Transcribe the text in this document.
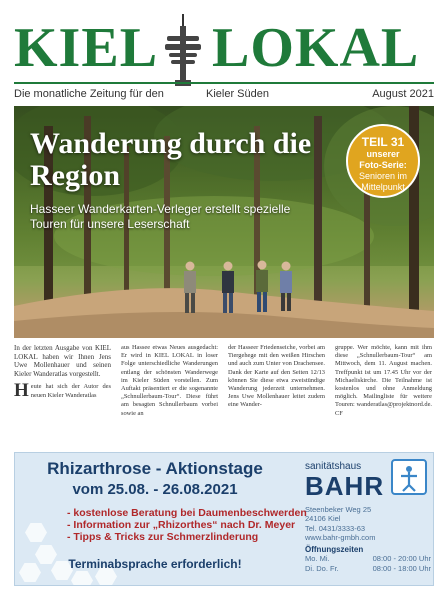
KIEL LOKAL
Die monatliche Zeitung für den	Kieler Süden	August 2021
Wanderung durch die Region
Hasseer Wanderkarten-Verleger erstellt spezielle Touren für unsere Leserschaft
TEIL 31
unserer
Foto-Serie:
Senioren im
Mittelpunkt
In der letzten Ausgabe von KIEL LOKAL haben wir Ihnen Jens Uwe Mollenhauer und seinen Kieler Wanderatlas vorgestellt.
Heute hat sich der Autor des neuen Kieler Wanderatlas
aus Hassee etwas Neues ausgedacht: Er wird in KIEL LOKAL in loser Folge unterschiedliche Wanderungen entlang der schönsten Wanderwege im Kieler Süden vorstellen. Zum Auftakt präsentiert er die sogenannte „Schnullerbaum-Tour“. Diese führt am besagten Schnullerbaum vorbei sowie an
der Hasseer Friedenseiche, vorbei am Tiergehege mit den weißen Hirschen und auch zum Unter von Drachensee. Dank der Karte auf den Seiten 12/13 können Sie diese etwa zweistündige Wanderung jederzeit unternehmen. Jens Uwe Mollenhauer leitet zudem eine Wander-
gruppe. Wer möchte, kann mit ihm diese „Schnullerbaum-Tour“ am Mittwoch, dem 11. August machen. Treffpunkt ist um 17.45 Uhr vor der Michaeliskirche. Die Teilnahme ist kostenlos und ohne Anmeldung möglich. Mailingliste für weitere Touren: wanderatlas@projektnord.de. CF
Rhizarthrose - Aktionstage
vom 25.08. - 26.08.2021
- kostenlose Beratung bei Daumenbeschwerden
- Information zur „Rhizorthes“ nach Dr. Meyer
- Tipps & Tricks zur Schmerzlinderung
Terminabsprache erforderlich!
sanitätshaus
BAHR
Steenbeker Weg 25
24106 Kiel
Tel. 0431/3333-63
www.bahr-gmbh.com
Öffnungszeiten
Mo. Mi.	08:00 - 20:00 Uhr
Di. Do. Fr.	08:00 - 18:00 Uhr
